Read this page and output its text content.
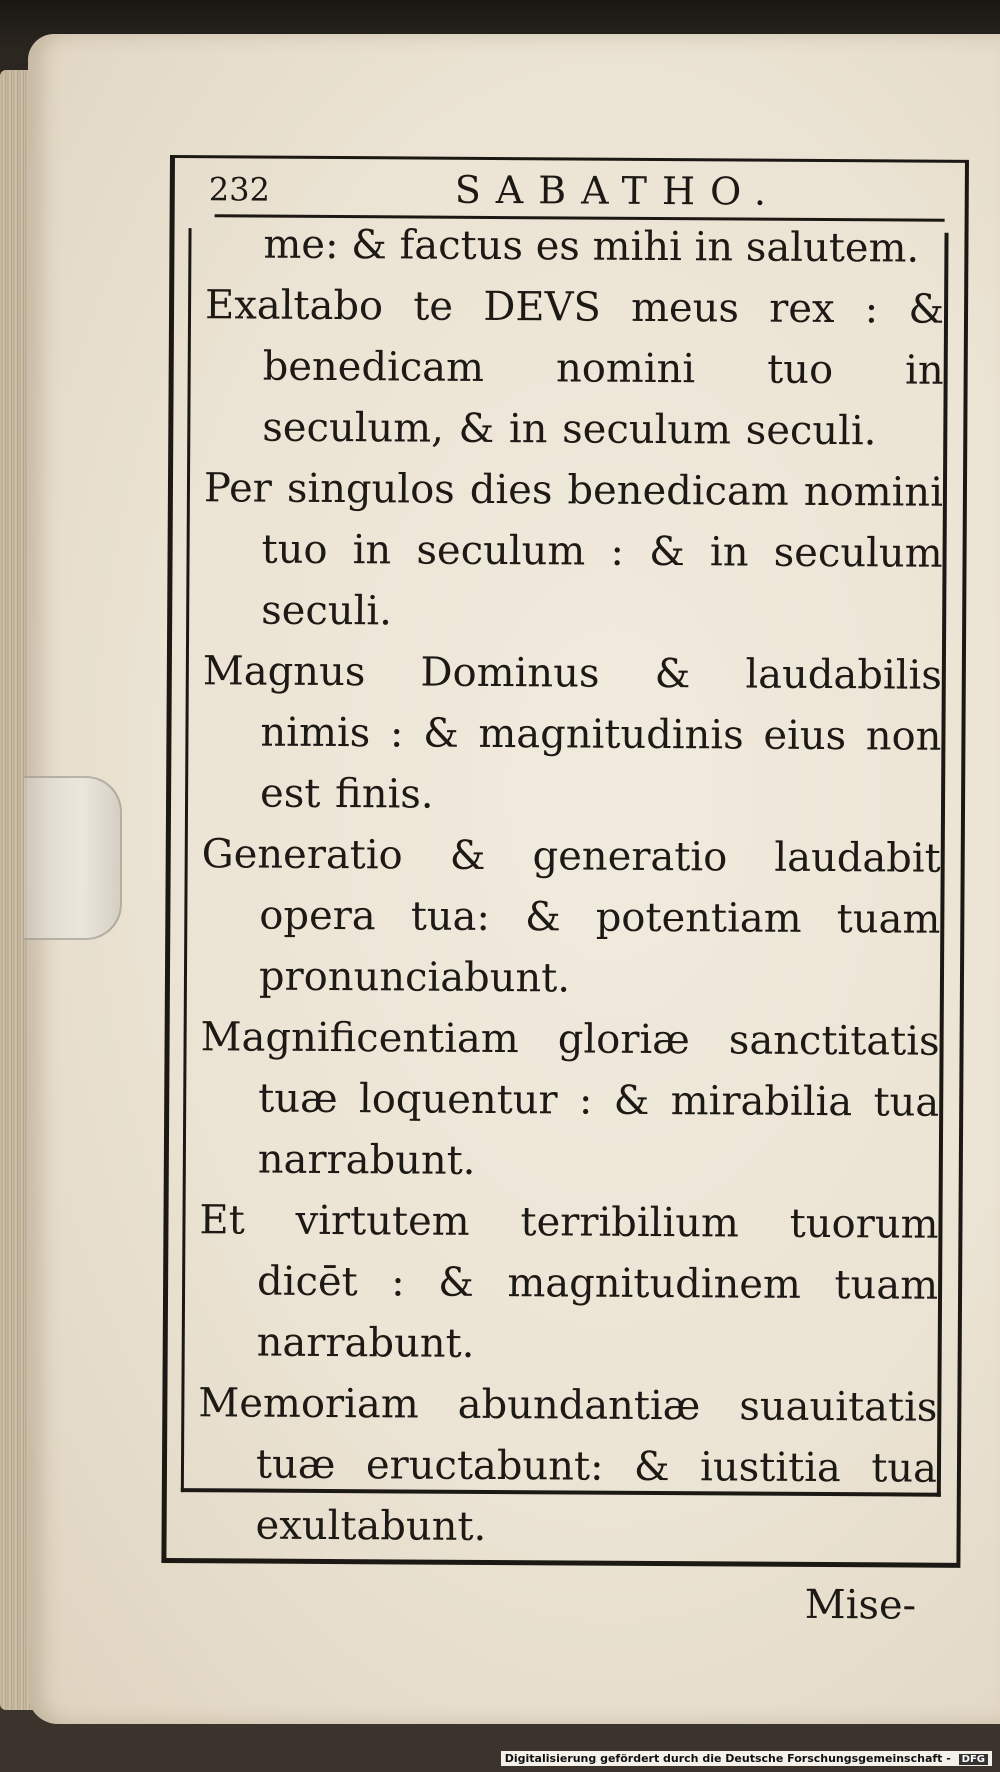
232	SABATHO.

me: & factus es mihi in salutem.

Exaltabo te DEVS meus rex : & benedicam nomini tuo in seculum, & in seculum seculi.

Per singulos dies benedicam nomini tuo in seculum : & in seculum seculi.

Magnus Dominus & laudabilis nimis : & magnitudinis eius non est finis.

Generatio & generatio laudabit opera tua: & potentiam tuam pronunciabunt.

Magnificentiam gloriæ sanctitatis tuæ loquentur : & mirabilia tua narrabunt.

Et virtutem terribilium tuorum dicēt : & magnitudinem tuam narrabunt.

Memoriam abundantiæ suauitatis tuæ eructabunt: & iustitia tua exultabunt.

Mise-
Digitalisierung gefördert durch die Deutsche Forschungsgemeinschaft - DFG
